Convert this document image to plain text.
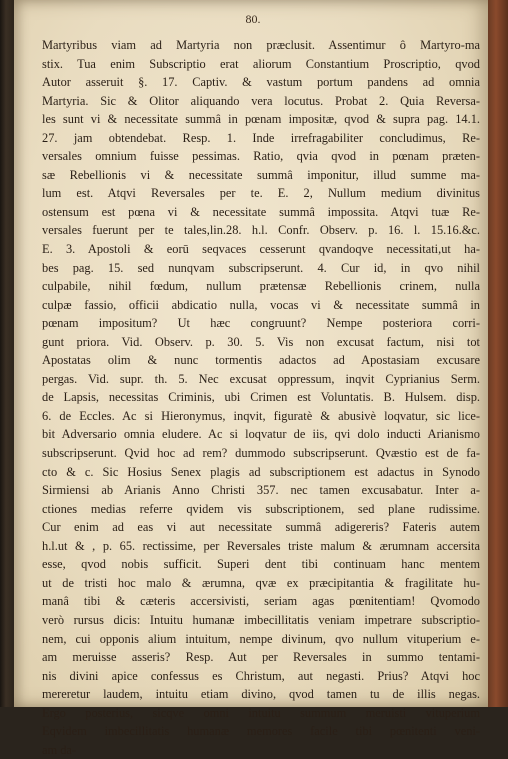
80.
Martyribus viam ad Martyria non præclusit. Assentimur ô Martyro-ma
stix. Tua enim Subscriptio erat aliorum Constantium Proscriptio, qvod
Autor asseruit §. 17. Captiv. & vastum portum pandens ad omnia
Martyria. Sic & Olitor aliquando vera locutus. Probat 2. Quia Reversa-
les sunt vi & necessitate summâ in pœnam impositæ, qvod & supra pag. 14.1.
27. jam obtendebat. Resp. 1. Inde irrefragabiliter concludimus, Re-
versales omnium fuisse pessimas. Ratio, qvia qvod in pœnam præten-
sæ Rebellionis vi & necessitate summâ imponitur, illud summe ma-
lum est. Atqvi Reversales per te. E. 2, Nullum medium divinitus
ostensum est pœna vi & necessitate summâ impossita. Atqvi tuæ Re-
versales fuerunt per te tales,lin.28. h.l. Confr. Observ. p. 16. l. 15.16.&c.
E. 3. Apostoli & eorū seqvaces cesserunt qvandoqve necessitati,ut ha-
bes pag. 15. sed nunqvam subscripserunt. 4. Cur id, in qvo nihil
culpabile, nihil fœdum, nullum prætensæ Rebellionis crinem, nulla
culpæ fassio, officii abdicatio nulla, vocas vi & necessitate summâ in
pœnam impositum? Ut hæc congruunt? Nempe posteriora corri-
gunt priora. Vid. Observ. p. 30. 5. Vis non excusat factum, nisi tot
Apostatas olim & nunc tormentis adactos ad Apostasiam excusare
pergas. Vid. supr. th. 5. Nec excusat oppressum, inqvit Cyprianius Serm.
de Lapsis, necessitas Criminis, ubi Crimen est Voluntatis. B. Hulsem. disp.
6. de Eccles. Ac si Hieronymus, inqvit, figuratè & abusivè loqvatur, sic lice-
bit Adversario omnia eludere. Ac si loqvatur de iis, qvi dolo inducti Arianismo
subscripserunt. Qvid hoc ad rem? dummodo subscripserunt. Qvæstio est de fa-
cto & c. Sic Hosius Senex plagis ad subscriptionem est adactus in Synodo
Sirmiensi ab Arianis Anno Christi 357. nec tamen excusabatur. Inter a-
ctiones medias referre qvidem vis subscriptionem, sed plane rudissime.
Cur enim ad eas vi aut necessitate summâ adigereris? Fateris autem
h.l.ut & , p. 65. rectissime, per Reversales triste malum & ærumnam accersita
esse, qvod nobis sufficit. Superi dent tibi continuam hanc mentem
ut de tristi hoc malo & ærumna, qvæ ex præcipitantia & fragilitate hu-
manâ tibi & cæteris accersivisti, seriam agas pœnitentiam! Qvomodo
verò rursus dicis: Intuitu humanæ imbecillitatis veniam impetrare subscriptio-
nem, cui opponis alium intuitum, nempe divinum, qvo nullum vituperium e-
am meruisse asseris? Resp. Aut per Reversales in summo tentami-
nis divini apice confessus es Christum, aut negasti. Prius? Atqvi hoc
mereretur laudem, intuitu etiam divino, qvod tamen tu de illis negas.
Ergo posterius, sicqve omni intuitu summum meruisti vituperium
Eqvidem imbecillitatis humanæ memores facile tibi pœnitenti veni-
am da-
